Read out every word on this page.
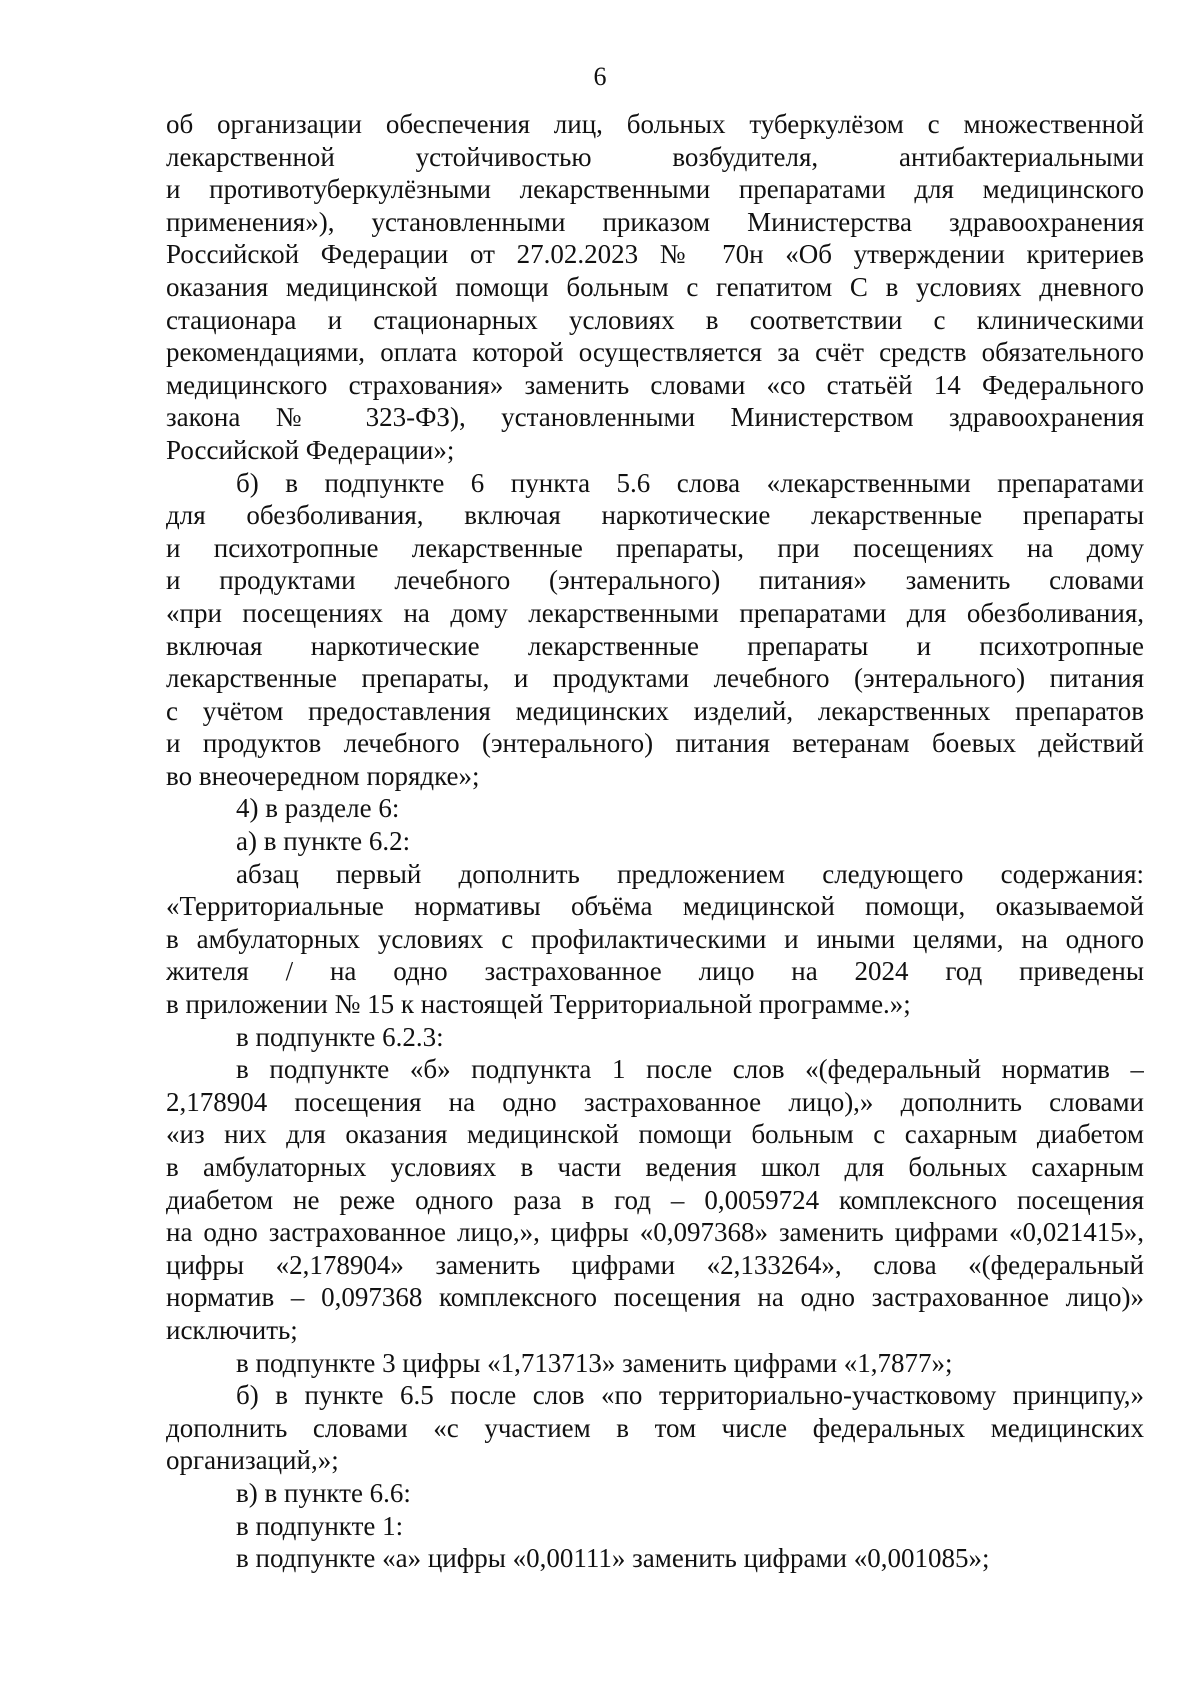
6
об организации обеспечения лиц, больных туберкулёзом с множественной
лекарственной устойчивостью возбудителя, антибактериальными
и противотуберкулёзными лекарственными препаратами для медицинского
применения»), установленными приказом Министерства здравоохранения
Российской Федерации от 27.02.2023 № 70н «Об утверждении критериев
оказания медицинской помощи больным с гепатитом С в условиях дневного
стационара и стационарных условиях в соответствии с клиническими
рекомендациями, оплата которой осуществляется за счёт средств обязательного
медицинского страхования» заменить словами «со статьёй 14 Федерального
закона № 323-ФЗ), установленными Министерством здравоохранения
Российской Федерации»;
б) в подпункте 6 пункта 5.6 слова «лекарственными препаратами
для обезболивания, включая наркотические лекарственные препараты
и психотропные лекарственные препараты, при посещениях на дому
и продуктами лечебного (энтерального) питания» заменить словами
«при посещениях на дому лекарственными препаратами для обезболивания,
включая наркотические лекарственные препараты и психотропные
лекарственные препараты, и продуктами лечебного (энтерального) питания
с учётом предоставления медицинских изделий, лекарственных препаратов
и продуктов лечебного (энтерального) питания ветеранам боевых действий
во внеочередном порядке»;
4) в разделе 6:
а) в пункте 6.2:
абзац первый дополнить предложением следующего содержания:
«Территориальные нормативы объёма медицинской помощи, оказываемой
в амбулаторных условиях с профилактическими и иными целями, на одного
жителя / на одно застрахованное лицо на 2024 год приведены
в приложении № 15 к настоящей Территориальной программе.»;
в подпункте 6.2.3:
в подпункте «б» подпункта 1 после слов «(федеральный норматив –
2,178904 посещения на одно застрахованное лицо),» дополнить словами
«из них для оказания медицинской помощи больным с сахарным диабетом
в амбулаторных условиях в части ведения школ для больных сахарным
диабетом не реже одного раза в год – 0,0059724 комплексного посещения
на одно застрахованное лицо,», цифры «0,097368» заменить цифрами «0,021415»,
цифры «2,178904» заменить цифрами «2,133264», слова «(федеральный
норматив – 0,097368 комплексного посещения на одно застрахованное лицо)»
исключить;
в подпункте 3 цифры «1,713713» заменить цифрами «1,7877»;
б) в пункте 6.5 после слов «по территориально-участковому принципу,»
дополнить словами «с участием в том числе федеральных медицинских
организаций,»;
в) в пункте 6.6:
в подпункте 1:
в подпункте «а» цифры «0,00111» заменить цифрами «0,001085»;
